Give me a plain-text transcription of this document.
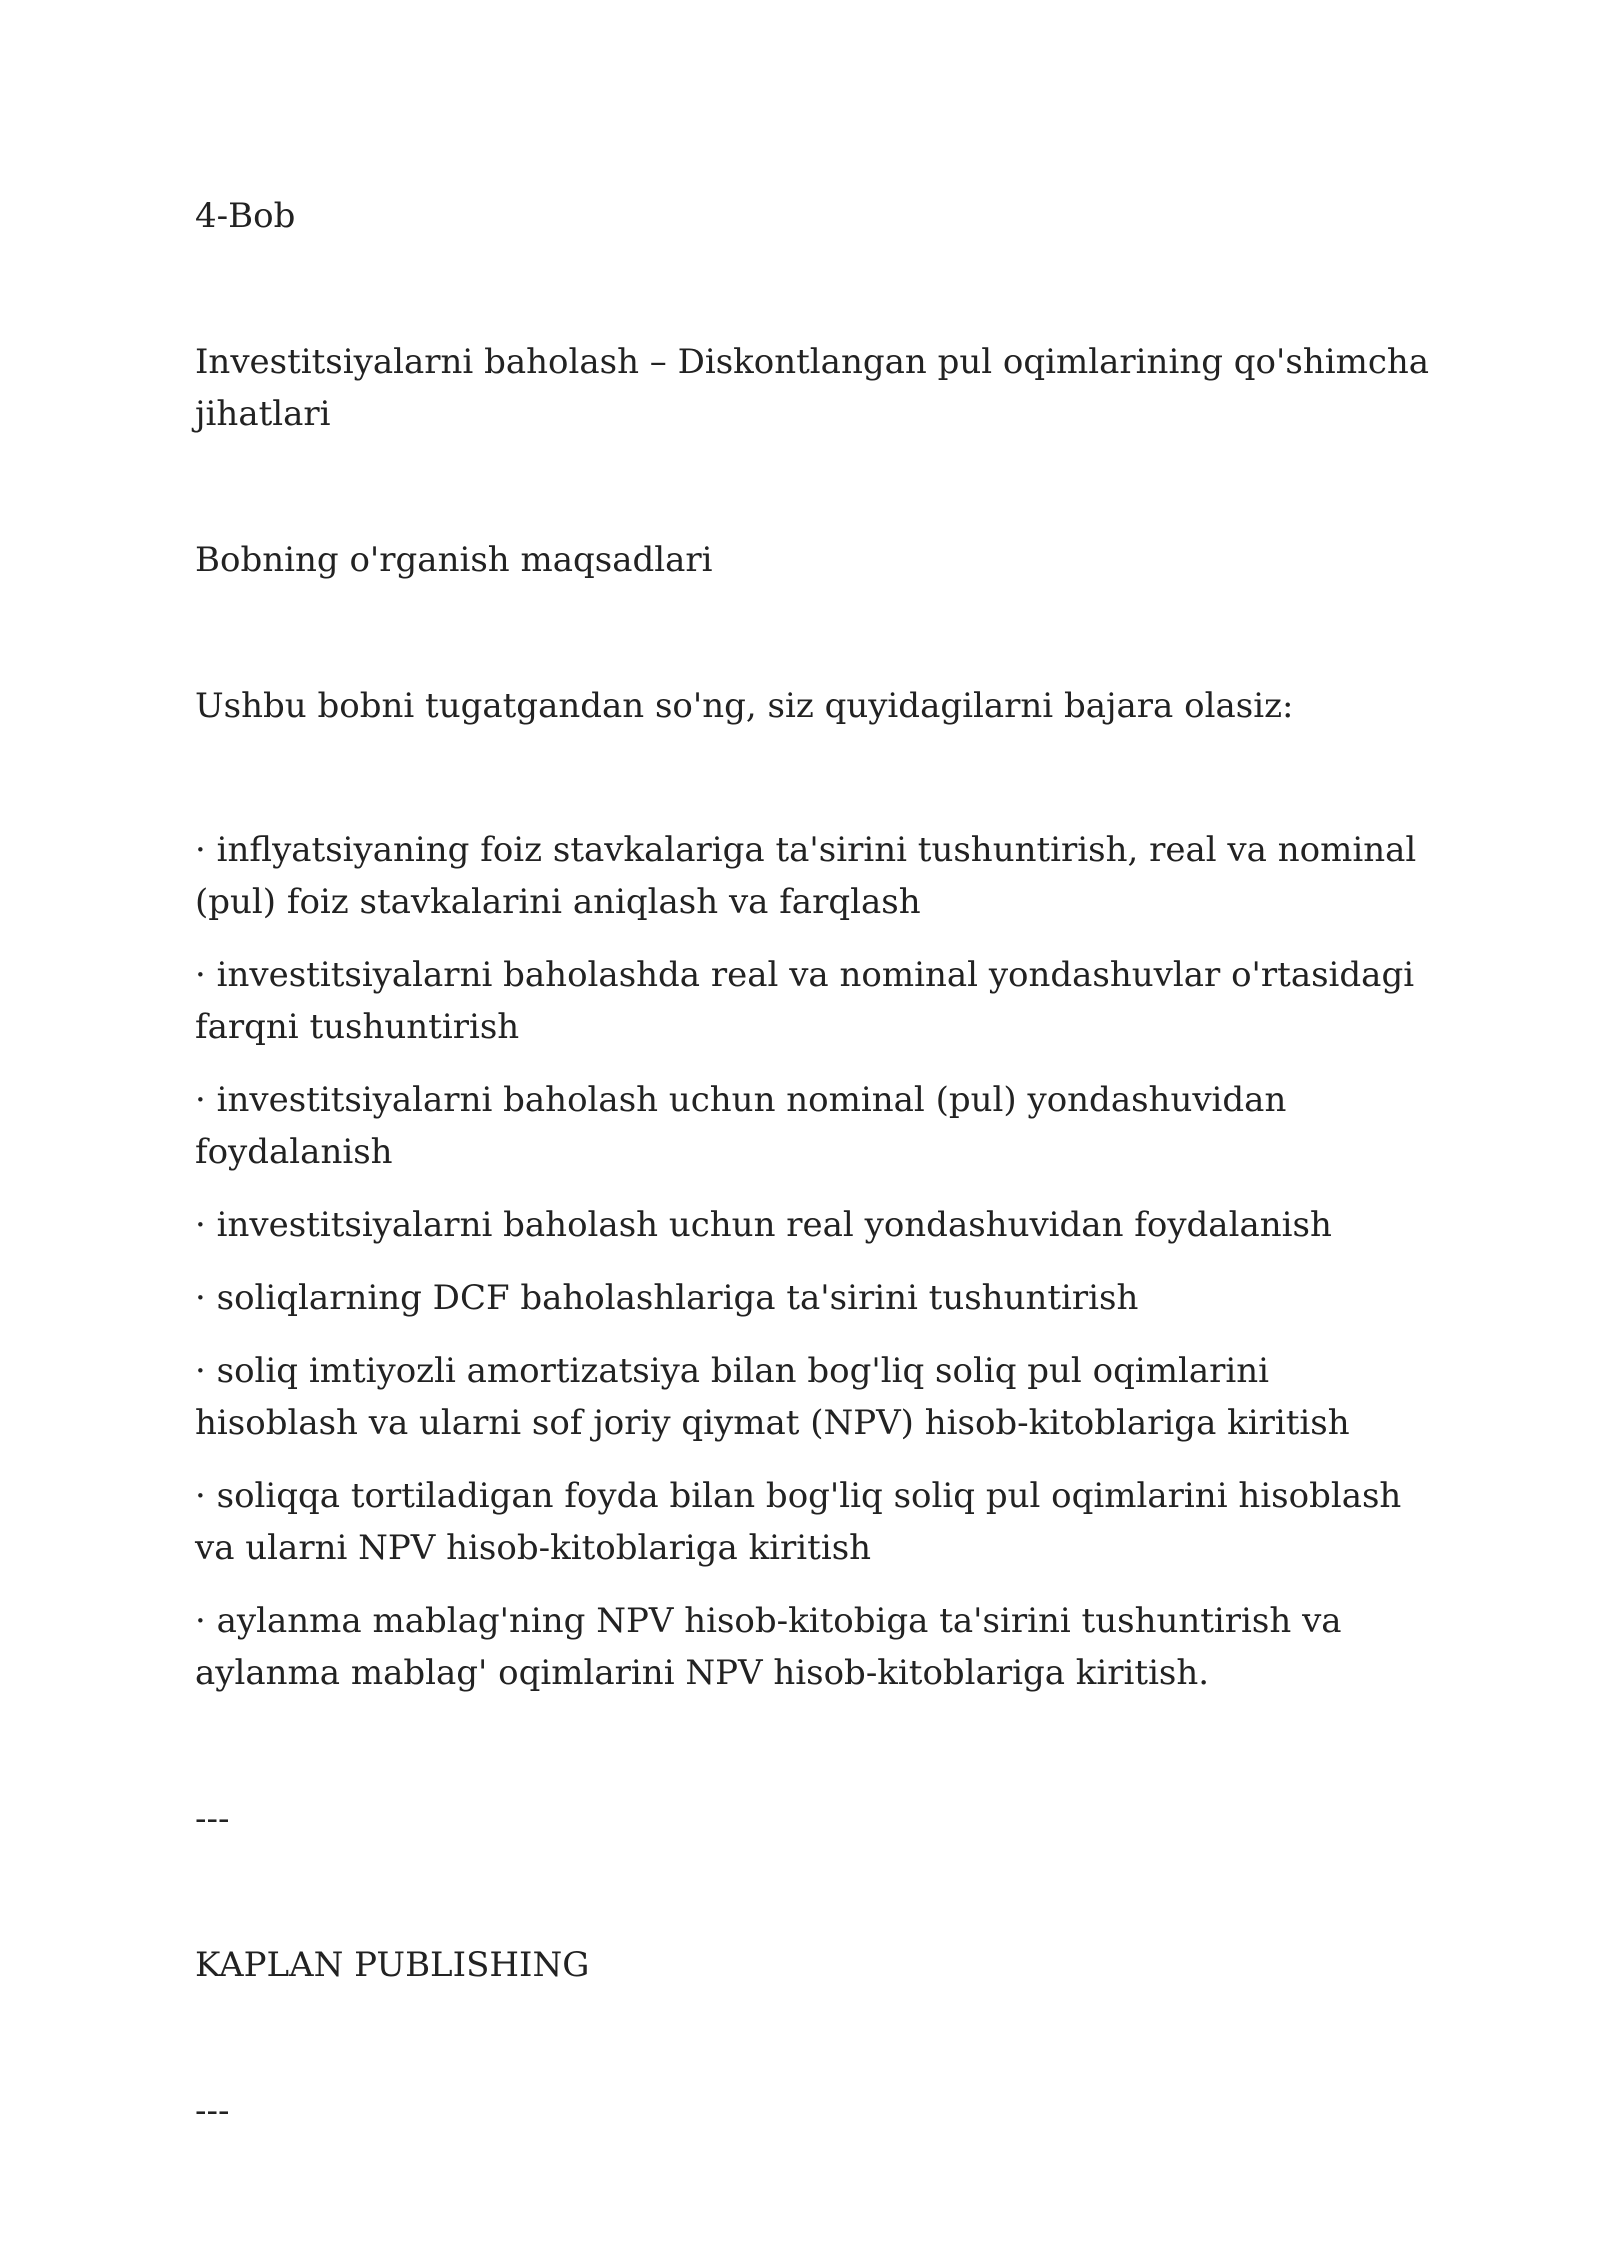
4-Bob

Investitsiyalarni baholash – Diskontlangan pul oqimlarining qo'shimcha jihatlari

Bobning o'rganish maqsadlari

Ushbu bobni tugatgandan so'ng, siz quyidagilarni bajara olasiz:

· inflyatsiyaning foiz stavkalariga ta'sirini tushuntirish, real va nominal (pul) foiz stavkalarini aniqlash va farqlash
· investitsiyalarni baholashda real va nominal yondashuvlar o'rtasidagi farqni tushuntirish
· investitsiyalarni baholash uchun nominal (pul) yondashuvidan foydalanish
· investitsiyalarni baholash uchun real yondashuvidan foydalanish
· soliqlarning DCF baholashlariga ta'sirini tushuntirish
· soliq imtiyozli amortizatsiya bilan bog'liq soliq pul oqimlarini hisoblash va ularni sof joriy qiymat (NPV) hisob-kitoblariga kiritish
· soliqqa tortiladigan foyda bilan bog'liq soliq pul oqimlarini hisoblash va ularni NPV hisob-kitoblariga kiritish
· aylanma mablag'ning NPV hisob-kitobiga ta'sirini tushuntirish va aylanma mablag' oqimlarini NPV hisob-kitoblariga kiritish.

---

KAPLAN PUBLISHING

---
